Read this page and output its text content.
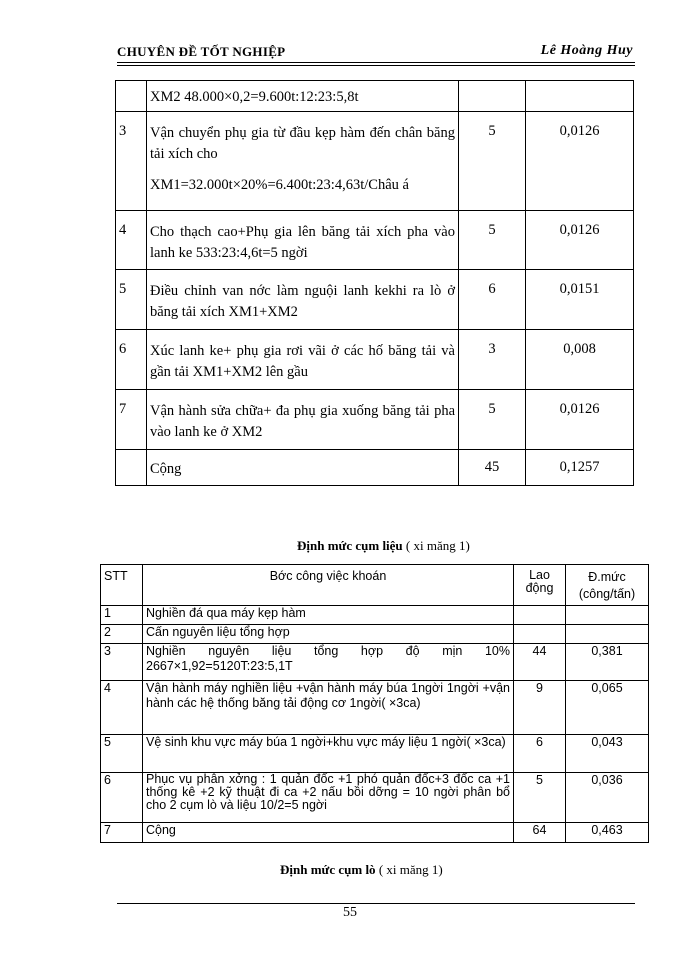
CHUYÊN ĐỀ TỐT NGHIỆP	Lê Hoàng Huy

	XM2 48.000×0,2=9.600t:12:23:5,8t		

3	Vận chuyển phụ gia từ đầu kẹp hàm đến chân băng tải xích cho
XM1=32.000t×20%=6.400t:23:4,63t/Châu á	5	0,0126

4	Cho thạch cao+Phụ gia lên băng tải xích pha vào lanh ke 533:23:4,6t=5 ngời	5	0,0126

5	Điều chỉnh van nớc làm nguội lanh kekhi ra lò ở băng tải xích XM1+XM2	6	0,0151

6	Xúc lanh ke+ phụ gia rơi vãi ở các hố băng tải và gần tải XM1+XM2 lên gầu	3	0,008

7	Vận hành sửa chữa+ đa phụ gia xuống băng tải pha vào lanh ke ở XM2	5	0,0126

	Cộng	45	0,1257
Định mức cụm liệu ( xi măng 1)
STT	Bớc công việc khoán	Lao động	Đ.mức (công/tấn)

1	Nghiền đá qua máy kẹp hàm		
2	Cấn nguyên liệu tổng hợp		
3	Nghiền nguyên liệu tổng hợp độ mịn 10% 2667×1,92=5120T:23:5,1T	44	0,381
4	Vận hành máy nghiền liệu +vận hành máy búa 1ngời 1ngời +vận hành các hệ thống băng tải động cơ 1ngời( ×3ca)	9	0,065
5	Vệ sinh khu vực máy búa 1 ngời+khu vực máy liệu 1 ngời( ×3ca)	6	0,043
6	Phục vụ phân xởng : 1 quản đốc +1 phó quản đốc+3 đốc ca +1 thống kê +2 kỹ thuật đi ca +2 nấu bồi dỡng = 10 ngời phân bổ cho 2 cụm lò và liệu 10/2=5 ngời	5	0,036
7	Cộng	64	0,463
Định mức cụm lò ( xi măng 1)
55
